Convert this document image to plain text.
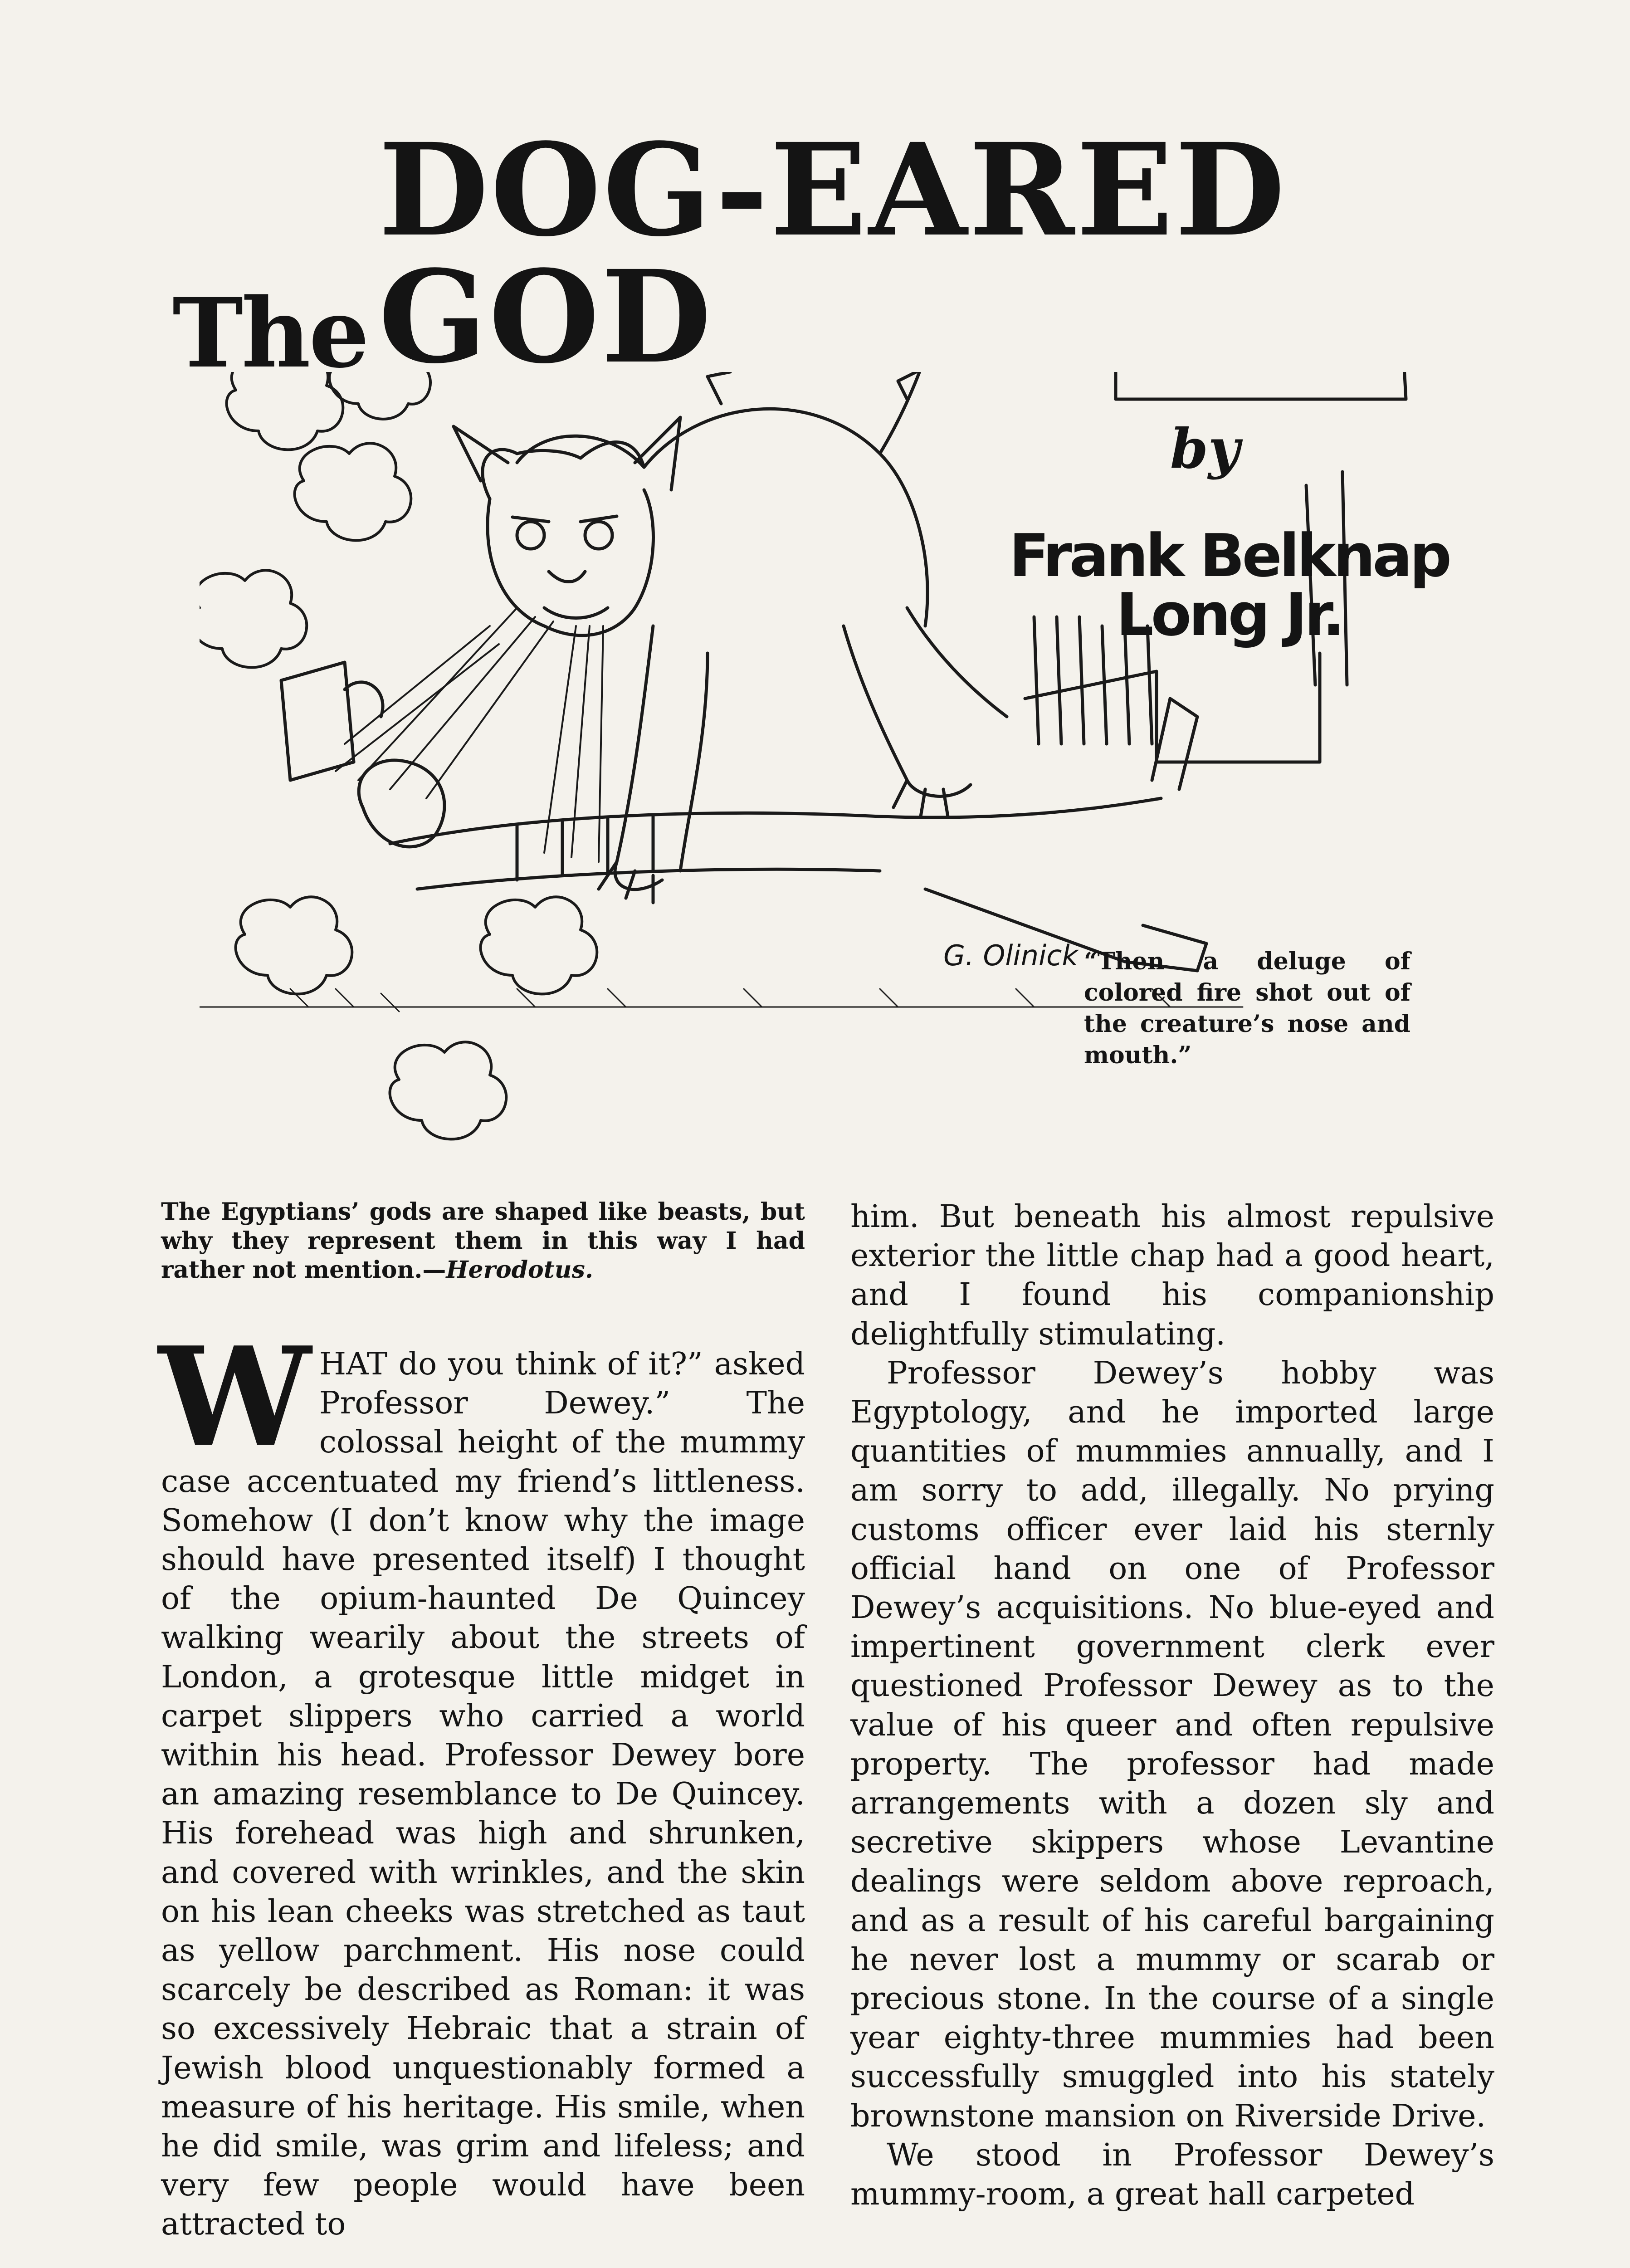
The
DOG-EARED GOD
by
Frank Belknap Long Jr.
G. Olinick “Then a deluge of colored fire shot out of the creature’s nose and mouth.”
The Egyptians’ gods are shaped like beasts, but why they represent them in this way I had rather not mention.—Herodotus.

WHAT do you think of it?” asked Professor Dewey.” The colossal height of the mummy case accentuated my friend’s littleness. Somehow (I don’t know why the image should have presented itself) I thought of the opium-haunted De Quincey walking wearily about the streets of London, a grotesque little midget in carpet slippers who carried a world within his head. Professor Dewey bore an amazing resemblance to De Quincey. His forehead was high and shrunken, and covered with wrinkles, and the skin on his lean cheeks was stretched as taut as yellow parchment. His nose could scarcely be described as Roman: it was so excessively Hebraic that a strain of Jewish blood unquestionably formed a measure of his heritage. His smile, when he did smile, was grim and lifeless; and very few people would have been attracted to

him. But beneath his almost repulsive exterior the little chap had a good heart, and I found his companionship delightfully stimulating.

Professor Dewey’s hobby was Egyptology, and he imported large quantities of mummies annually, and I am sorry to add, illegally. No prying customs officer ever laid his sternly official hand on one of Professor Dewey’s acquisitions. No blue-eyed and impertinent government clerk ever questioned Professor Dewey as to the value of his queer and often repulsive property. The professor had made arrangements with a dozen sly and secretive skippers whose Levantine dealings were seldom above reproach, and as a result of his careful bargaining he never lost a mummy or scarab or precious stone. In the course of a single year eighty-three mummies had been successfully smuggled into his stately brownstone mansion on Riverside Drive.

We stood in Professor Dewey’s mummy-room, a great hall carpeted
